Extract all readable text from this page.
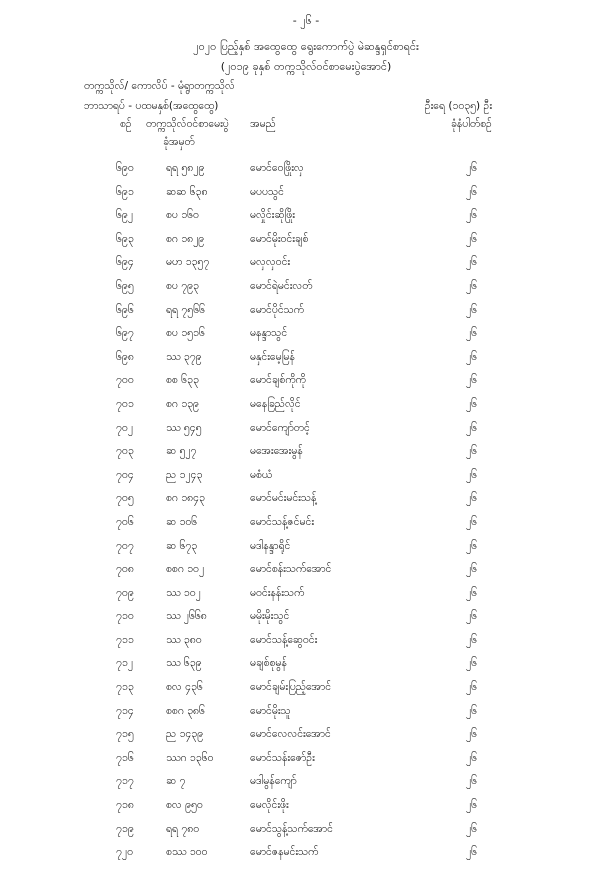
- ၂၆ -
၂၀၂၀ ပြည့်နှစ် အထွေထွေ ရွေးကောက်ပွဲ မဲဆန္ဒရှင်စာရင်း
(၂၀၁၉ ခုနှစ် တက္ကသိုလ်ဝင်စာမေးပွဲအောင်)
တက္ကသိုလ်/ ကောလိပ် - မုံရွာတက္ကသိုလ်
ဘာသာရပ် - ပထမနှစ်(အထွေထွေ)	ဦးရေ (၁၀၃၅) ဦး
ခုံနံပါတ်စဉ်
စဉ် တက္ကသိုလ်ဝင်စာမေးပွဲ
ခုံအမှတ်
အမည်
၆၉၀	ရရ ၅၈၂၉	မောင်ဝေဖြိုးလှ	၂၆
၆၉၁	ဆဆ ၆၃၈	မပပသွင်	၂၆
၆၉၂	စပ ၁၆၀	မလှိုင်းဆိုဖြိုး	၂၆
၆၉၃	စဂ ၁၈၂၉	မောင်မိုးဝင်းချစ်	၂၆
၆၉၄	မဟ ၁၃၅၇	မလှလှဝင်း	၂၆
၆၉၅	စပ ၇၉၃	မောင်ရဲမင်းလတ်	၂၆
၆၉၆	ရရ ၇၅၆၆	မောင်ပိုင်သက်	၂၆
၆၉၇	စပ ၁၅၁၆	မနန္ဒာသွင်	၂၆
၆၉၈	ဿ ၃၇၉	မနှင်းမေ့မြန်	၂၆
၇၀၀	စစ ၆၃၃	မောင်ချစ်ကိုကို	၂၆
၇၀၁	စဂ ၁၃၉	မနေခြည်လိုင်	၂၆
၇၀၂	ဿ ၅၄၅	မောင်ကျော်တင့်	၂၆
၇၀၃	ဆ ၅၂၇	မအေးအေးမွန်	၂၆
၇၀၄	ည ၁၂၄၃	မစံယံ	၂၆
၇၀၅	စဂ ၁၈၄၃	မောင်မင်းမင်းသန့်	၂၆
၇၀၆	ဆ ၁၀၆	မောင်သန့်ဇင်မင်း	၂၆
၇၀၇	ဆ ၆၇၃	မဒါနန္ဒာရိုင်	၂၆
၇၀၈	စစဂ ၁၀၂	မောင်စန်းသက်အောင်	၂၆
၇၀၉	ဿ ၁၀၂	မဝင်းနန်းသက်	၂၆
၇၁၀	ဿ ၂၆၆၈	မမိုးမိုးသွင်	၂၆
၇၁၁	ဿ ၃၈၀	မောင်သန့်ဆွေဝင်း	၂၆
၇၁၂	ဿ ၆၃၉	မချစ်စုမွန်	၂၆
၇၁၃	စလ ၄၃၆	မောင်ချမ်းပြည့်အောင်	၂၆
၇၁၄	စစဂ ၃၈၆	မောင်မိုးသူ	၂၆
၇၁၅	ည ၁၄၃၉	မောင်လေလင်းအောင်	၂၆
၇၁၆	ဿဂ ၁၃၆၀	မောင်သန်းဇော်ဦး	၂၆
၇၁၇	ဆ ၇	မဒါမွန်ကျော်	၂၆
၇၁၈	စလ ၉၅၀	မေလိုင်းဖိုး	၂၆
၇၁၉	ရရ ၇၈၀	မောင်သွန့်သက်အောင်	၂၆
၇၂၀	စဿ ၁၀၀	မောင်ဇနမင်းသက်	၂၆
